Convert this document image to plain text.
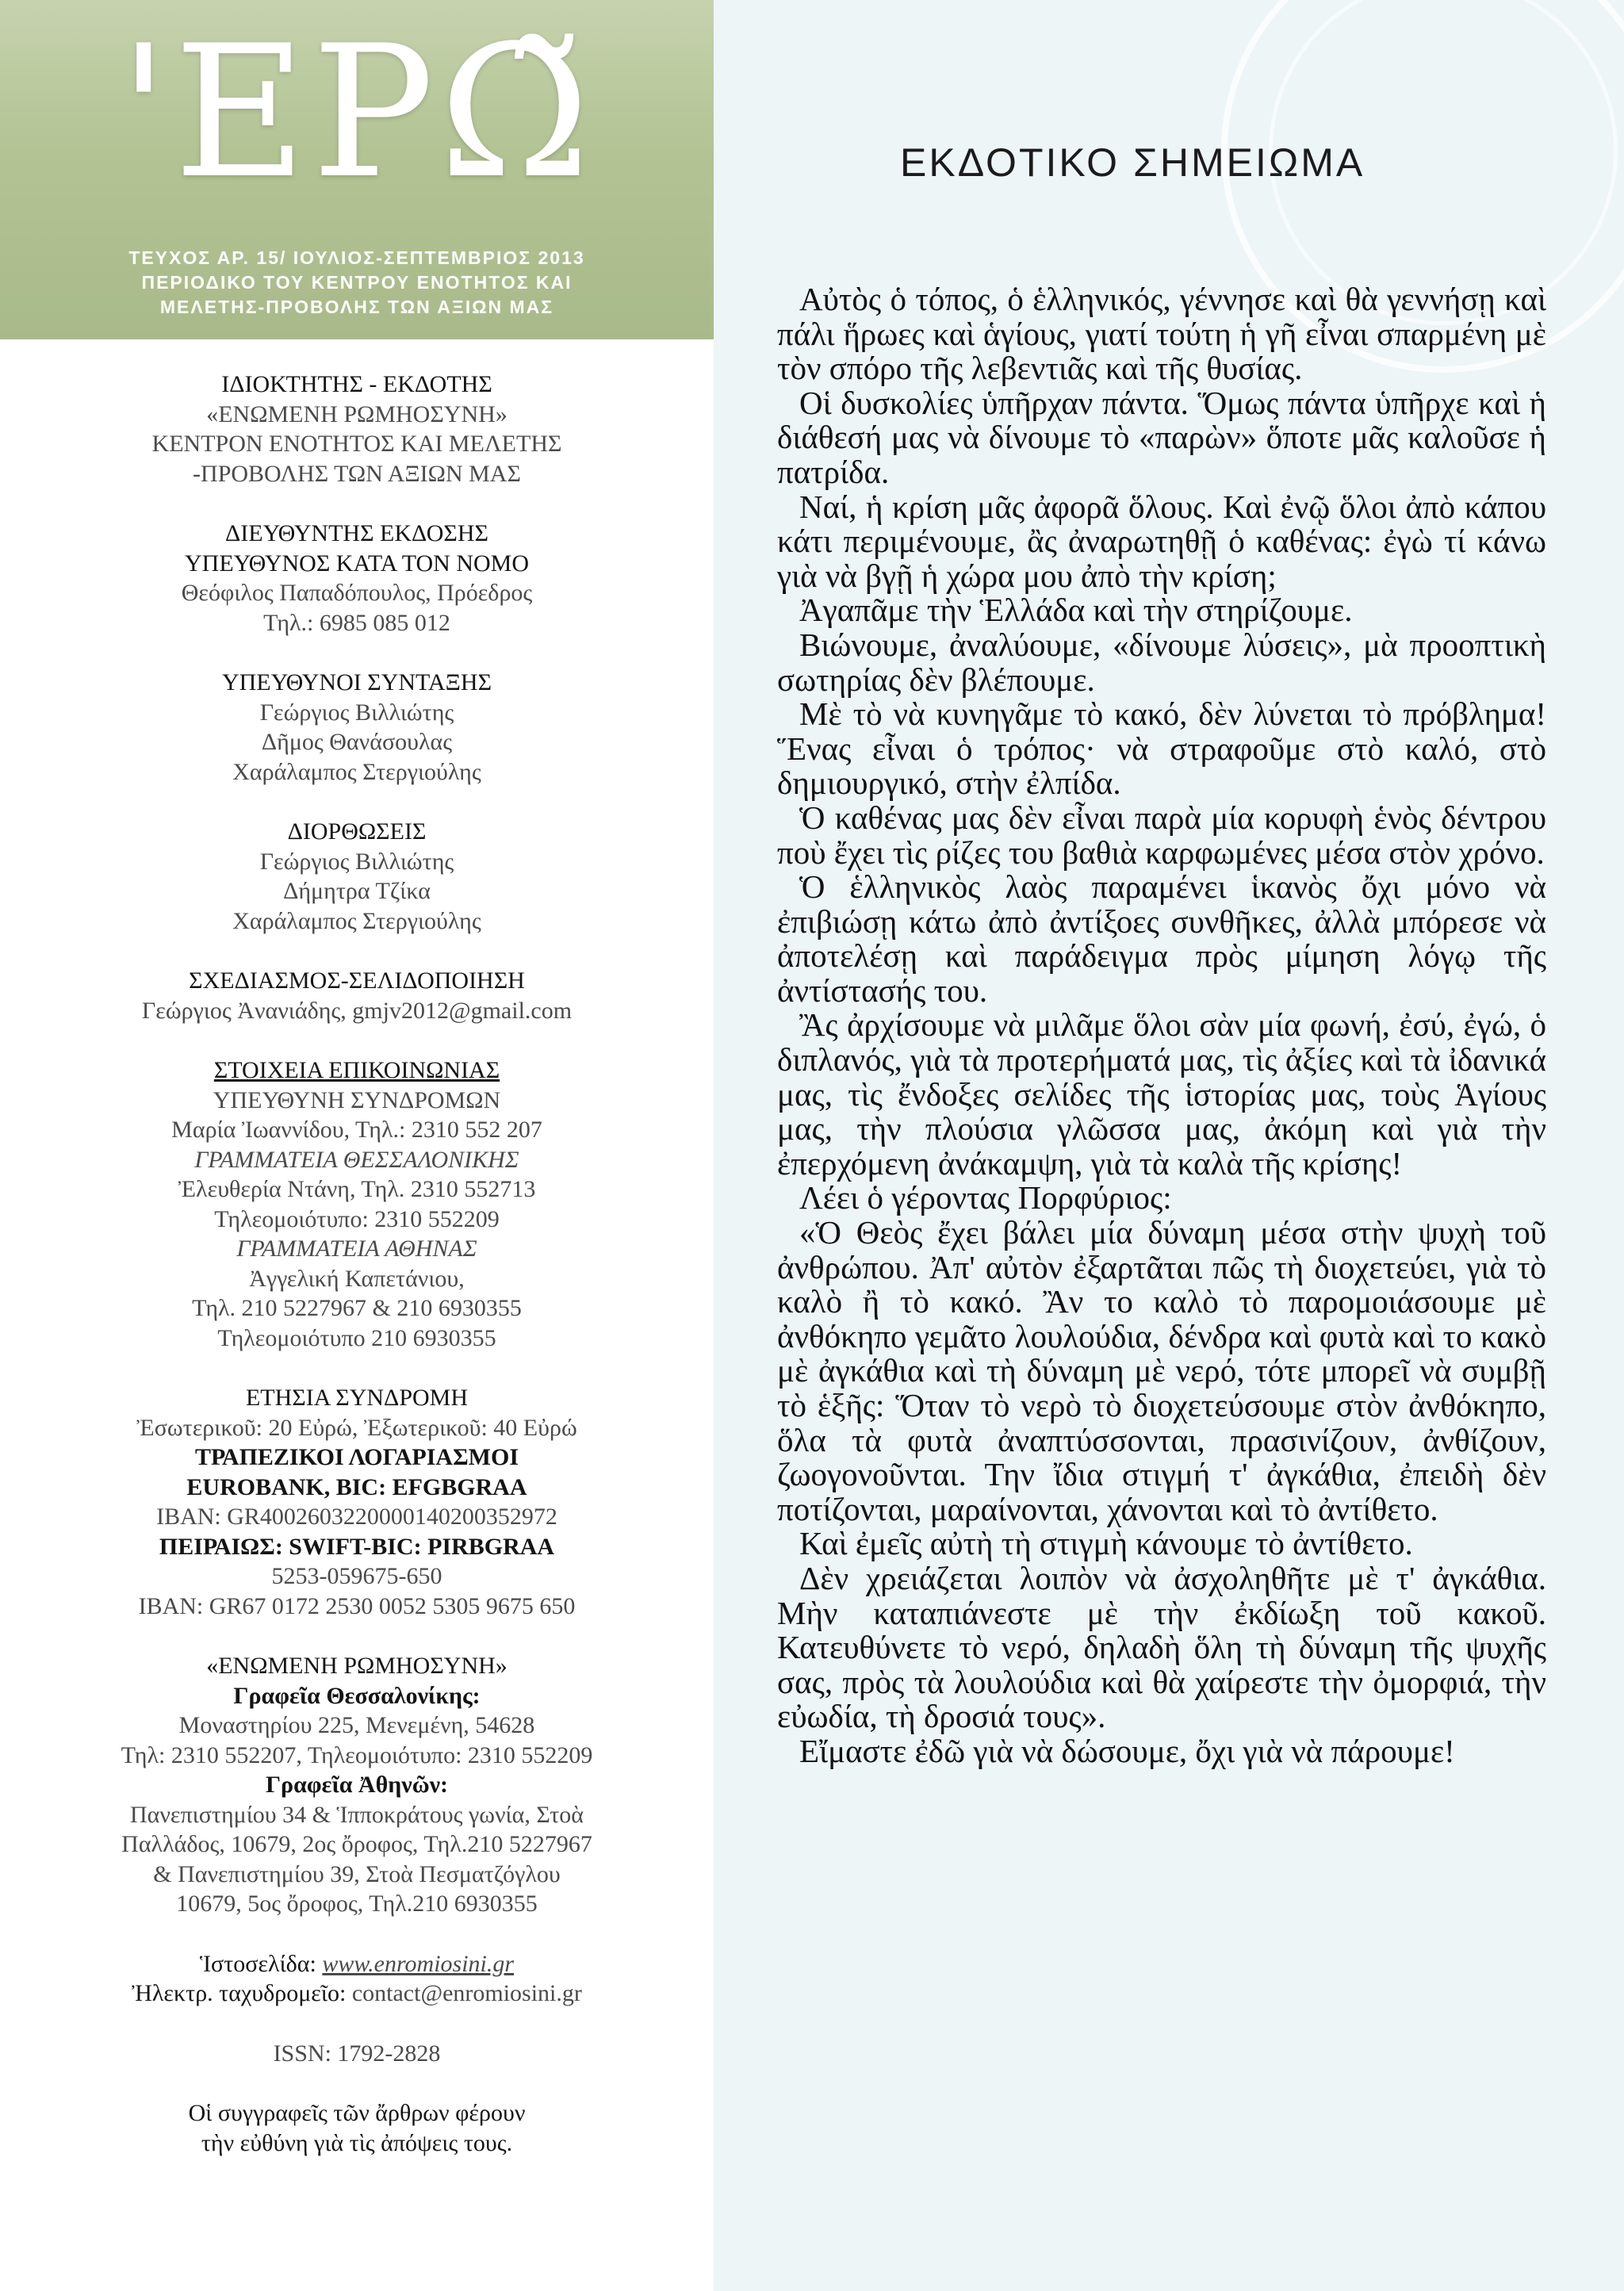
'ΕΡΩ̃
ΤΕΥΧΟΣ ΑΡ. 15/ ΙΟΥΛΙΟΣ-ΣΕΠΤΕΜΒΡΙΟΣ 2013
ΠΕΡΙΟΔΙΚΟ ΤΟΥ ΚΕΝΤΡΟΥ ΕΝΟΤΗΤΟΣ ΚΑΙ
ΜΕΛΕΤΗΣ-ΠΡΟΒΟΛΗΣ ΤΩΝ ΑΞΙΩΝ ΜΑΣ
ΙΔΙΟΚΤΗΤΗΣ - ΕΚΔΟΤΗΣ
«ΕΝΩΜΕΝΗ ΡΩΜΗΟΣΥΝΗ»
ΚΕΝΤΡΟΝ ΕΝΟΤΗΤΟΣ ΚΑΙ ΜΕΛΕΤΗΣ
-ΠΡΟΒΟΛΗΣ ΤΩΝ ΑΞΙΩΝ ΜΑΣ
ΔΙΕΥΘΥΝΤΗΣ ΕΚΔΟΣΗΣ
ΥΠΕΥΘΥΝΟΣ ΚΑΤΑ ΤΟΝ ΝΟΜΟ
Θεόφιλος Παπαδόπουλος, Πρόεδρος
Τηλ.: 6985 085 012
ΥΠΕΥΘΥΝΟΙ ΣΥΝΤΑΞΗΣ
Γεώργιος Βιλλιώτης
Δῆμος Θανάσουλας
Χαράλαμπος Στεργιούλης
ΔΙΟΡΘΩΣΕΙΣ
Γεώργιος Βιλλιώτης
Δήμητρα Τζίκα
Χαράλαμπος Στεργιούλης
ΣΧΕΔΙΑΣΜΟΣ-ΣΕΛΙΔΟΠΟΙΗΣΗ
Γεώργιος Ἀνανιάδης, gmjv2012@gmail.com
ΣΤΟΙΧΕΙΑ ΕΠΙΚΟΙΝΩΝΙΑΣ
ΥΠΕΥΘΥΝΗ ΣΥΝΔΡΟΜΩΝ
Μαρία Ἰωαννίδου, Τηλ.: 2310 552 207
ΓΡΑΜΜΑΤΕΙΑ ΘΕΣΣΑΛΟΝΙΚΗΣ
Ἐλευθερία Ντάνη, Τηλ. 2310 552713
Τηλεομοιότυπο: 2310 552209
ΓΡΑΜΜΑΤΕΙΑ ΑΘΗΝΑΣ
Ἀγγελική Καπετάνιου,
Τηλ. 210 5227967 & 210 6930355
Τηλεομοιότυπο 210 6930355
ΕΤΗΣΙΑ ΣΥΝΔΡΟΜΗ
Ἐσωτερικοῦ: 20 Εὐρώ, Ἐξωτερικοῦ: 40 Εὐρώ
ΤΡΑΠΕΖΙΚΟΙ ΛΟΓΑΡΙΑΣΜΟΙ
EUROBANK, BIC: EFGBGRAA
IBAN: GR4002603220000140200352972
ΠΕΙΡΑΙΩΣ: SWIFT-BIC: PIRBGRAA
5253-059675-650
IBAN: GR67 0172 2530 0052 5305 9675 650
«ΕΝΩΜΕΝΗ ΡΩΜΗΟΣΥΝΗ»
Γραφεῖα Θεσσαλονίκης:
Μοναστηρίου 225, Μενεμένη, 54628
Τηλ: 2310 552207, Τηλεομοιότυπο: 2310 552209
Γραφεῖα Ἀθηνῶν:
Πανεπιστημίου 34 & Ἱπποκράτους γωνία, Στοὰ
Παλλάδος, 10679, 2ος ὄροφος, Τηλ.210 5227967
& Πανεπιστημίου 39, Στοὰ Πεσματζόγλου
10679, 5ος ὄροφος, Τηλ.210 6930355
Ἱστοσελίδα: www.enromiosini.gr
Ἠλεκτρ. ταχυδρομεῖο: contact@enromiosini.gr
ISSN: 1792-2828
Οἱ συγγραφεῖς τῶν ἄρθρων φέρουν
τὴν εὐθύνη γιὰ τὶς ἀπόψεις τους.
ΕΚΔΟΤΙΚΟ ΣΗΜΕΙΩΜΑ

Αὐτὸς ὁ τόπος, ὁ ἑλληνικός, γέννησε καὶ θὰ γεννήσῃ καὶ πάλι ἥρωες καὶ ἁγίους, γιατί τούτη ἡ γῆ εἶναι σπαρμένη μὲ τὸν σπόρο τῆς λεβεντιᾶς καὶ τῆς θυσίας.

Οἱ δυσκολίες ὑπῆρχαν πάντα. Ὅμως πάντα ὑπῆρχε καὶ ἡ διάθεσή μας νὰ δίνουμε τὸ «παρὼν» ὅποτε μᾶς καλοῦσε ἡ πατρίδα.

Ναί, ἡ κρίση μᾶς ἀφορᾶ ὅλους. Καὶ ἐνῷ ὅλοι ἀπὸ κάπου κάτι περιμένουμε, ἂς ἀναρωτηθῇ ὁ καθένας: ἐγὼ τί κάνω γιὰ νὰ βγῇ ἡ χώρα μου ἀπὸ τὴν κρίση;

Ἀγαπᾶμε τὴν Ἑλλάδα καὶ τὴν στηρίζουμε.

Βιώνουμε, ἀναλύουμε, «δίνουμε λύσεις», μὰ προοπτικὴ σωτηρίας δὲν βλέπουμε.

Μὲ τὸ νὰ κυνηγᾶμε τὸ κακό, δὲν λύνεται τὸ πρόβλημα! Ἕνας εἶναι ὁ τρόπος· νὰ στραφοῦμε στὸ καλό, στὸ δημιουργικό, στὴν ἐλπίδα.

Ὁ καθένας μας δὲν εἶναι παρὰ μία κορυφὴ ἑνὸς δέντρου ποὺ ἔχει τὶς ρίζες του βαθιὰ καρφωμένες μέσα στὸν χρόνο.

Ὁ ἑλληνικὸς λαὸς παραμένει ἱκανὸς ὄχι μόνο νὰ ἐπιβιώσῃ κάτω ἀπὸ ἀντίξοες συνθῆκες, ἀλλὰ μπόρεσε νὰ ἀποτελέσῃ καὶ παράδειγμα πρὸς μίμηση λόγῳ τῆς ἀντίστασής του.

Ἂς ἀρχίσουμε νὰ μιλᾶμε ὅλοι σὰν μία φωνή, ἐσύ, ἐγώ, ὁ διπλανός, γιὰ τὰ προτερήματά μας, τὶς ἀξίες καὶ τὰ ἰδανικά μας, τὶς ἔνδοξες σελίδες τῆς ἱστορίας μας, τοὺς Ἁγίους μας, τὴν πλούσια γλῶσσα μας, ἀκόμη καὶ γιὰ τὴν ἐπερχόμενη ἀνάκαμψη, γιὰ τὰ καλὰ τῆς κρίσης!

Λέει ὁ γέροντας Πορφύριος:

«Ὁ Θεὸς ἔχει βάλει μία δύναμη μέσα στὴν ψυχὴ τοῦ ἀνθρώπου. Ἀπ' αὐτὸν ἐξαρτᾶται πῶς τὴ διοχετεύει, γιὰ τὸ καλὸ ἢ τὸ κακό. Ἂν το καλὸ τὸ παρομοιάσουμε μὲ ἀνθόκηπο γεμᾶτο λουλούδια, δένδρα καὶ φυτὰ καὶ το κακὸ μὲ ἀγκάθια καὶ τὴ δύναμη μὲ νερό, τότε μπορεῖ νὰ συμβῇ τὸ ἑξῆς: Ὅταν τὸ νερὸ τὸ διοχετεύσουμε στὸν ἀνθόκηπο, ὅλα τὰ φυτὰ ἀναπτύσσονται, πρασινίζουν, ἀνθίζουν, ζωογονοῦνται. Την ἴδια στιγμή τ' ἀγκάθια, ἐπειδὴ δὲν ποτίζονται, μαραίνονται, χάνονται καὶ τὸ ἀντίθετο.

Καὶ ἐμεῖς αὐτὴ τὴ στιγμὴ κάνουμε τὸ ἀντίθετο.

Δὲν χρειάζεται λοιπὸν νὰ ἀσχοληθῆτε μὲ τ' ἀγκάθια. Μὴν καταπιάνεστε μὲ τὴν ἐκδίωξη τοῦ κακοῦ. Κατευθύνετε τὸ νερό, δηλαδὴ ὅλη τὴ δύναμη τῆς ψυχῆς σας, πρὸς τὰ λουλούδια καὶ θὰ χαίρεστε τὴν ὀμορφιά, τὴν εὐωδία, τὴ δροσιά τους».

Εἴμαστε ἐδῶ γιὰ νὰ δώσουμε, ὄχι γιὰ νὰ πάρουμε!
